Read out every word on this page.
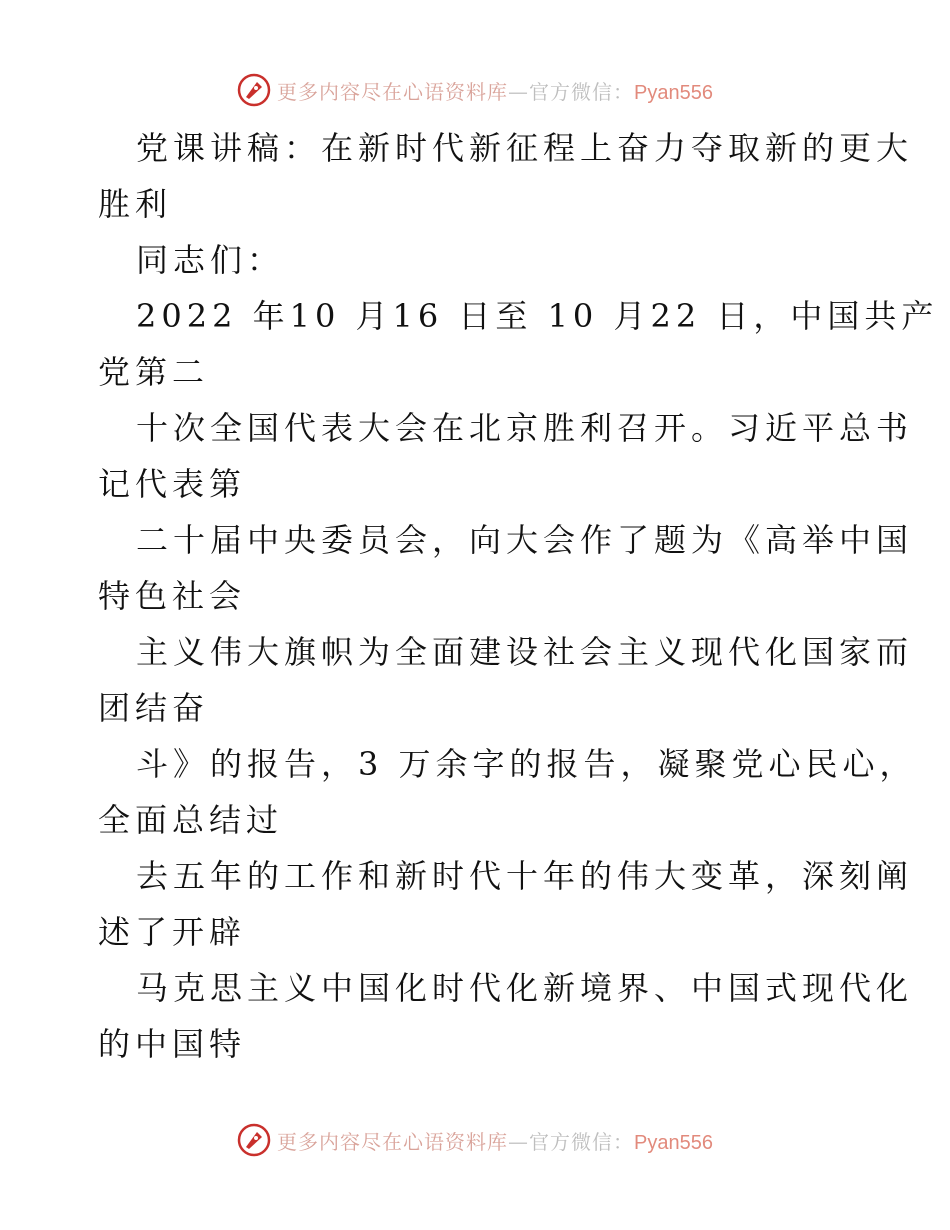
更多内容尽在心语资料库—官方微信：Pyan556
党课讲稿：在新时代新征程上奋力夺取新的更大
胜利
同志们：
2022 年10 月16 日至 10 月22 日，中国共产
党第二
十次全国代表大会在北京胜利召开。习近平总书
记代表第
二十届中央委员会，向大会作了题为《高举中国
特色社会
主义伟大旗帜为全面建设社会主义现代化国家而
团结奋
斗》的报告，3 万余字的报告，凝聚党心民心，
全面总结过
去五年的工作和新时代十年的伟大变革，深刻阐
述了开辟
马克思主义中国化时代化新境界、中国式现代化
的中国特
更多内容尽在心语资料库—官方微信：Pyan556
